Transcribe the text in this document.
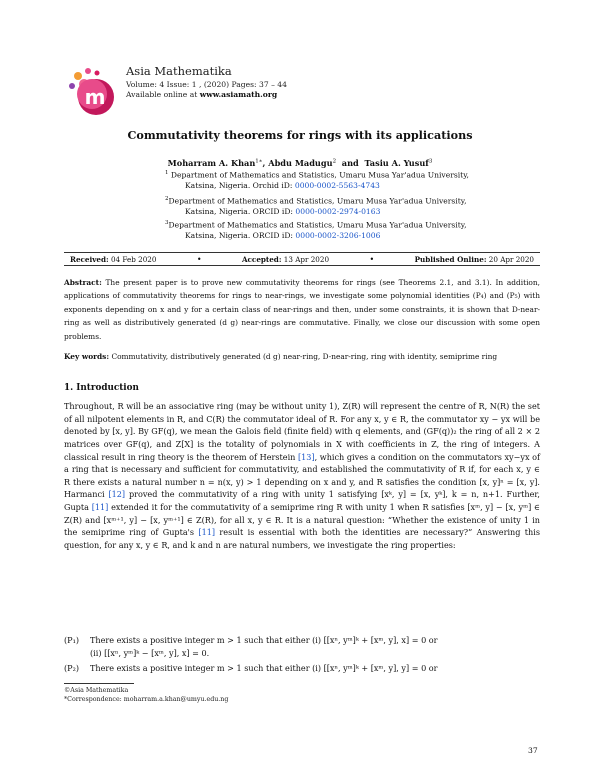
m
Asia Mathematika
Volume: 4 Issue: 1 , (2020) Pages: 37 – 44
Available online at www.asiamath.org
Commutativity theorems for rings with its applications
Moharram A. Khan$^{1∗}$, Abdu Madugu$^2$ and Tasiu A. Yusuf$^3$
$^1$ Department of Mathematics and Statistics, Umaru Musa Yar'adua University,
Katsina, Nigeria. Orchid iD: 0000-0002-5563-4743
$^2$Department of Mathematics and Statistics, Umaru Musa Yar'adua University,
Katsina, Nigeria. ORCID iD: 0000-0002-2974-0163
$^3$Department of Mathematics and Statistics, Umaru Musa Yar'adua University,
Katsina, Nigeria. ORCID iD: 0000-0002-3206-1006
Received: 04 Feb 2020	•	Accepted: 13 Apr 2020	•	Published Online: 20 Apr 2020
Abstract: The present paper is to prove new commutativity theorems for rings (see Theorems 2.1, and 3.1). In addition, applications of commutativity theorems for rings to near-rings, we investigate some polynomial identities (P₄) and (P₅) with exponents depending on x and y for a certain class of near-rings and then, under some constraints, it is shown that D-near-ring as well as distributively generated (d g) near-rings are commutative. Finally, we close our discussion with some open problems.
Key words: Commutativity, distributively generated (d g) near-ring, D-near-ring, ring with identity, semiprime ring
1. Introduction
Throughout, R will be an associative ring (may be without unity 1), Z(R) will represent the centre of R, N(R) the set of all nilpotent elements in R, and C(R) the commutator ideal of R. For any x, y ∈ R, the commutator xy − yx will be denoted by [x, y]. By GF(q), we mean the Galois field (finite field) with q elements, and (GF(q))₂ the ring of all 2 × 2 matrices over GF(q), and Z[X] is the totality of polynomials in X with coefficients in Z, the ring of integers. A classical result in ring theory is the theorem of Herstein [13], which gives a condition on the commutators xy−yx of a ring that is necessary and sufficient for commutativity, and established the commutativity of R if, for each x, y ∈ R there exists a natural number n = n(x, y) > 1 depending on x and y, and R satisfies the condition [x, y]ⁿ = [x, y]. Harmanci [12] proved the commutativity of a ring with unity 1 satisfying [xᵏ, y] = [x, yᵏ], k = n, n+1. Further, Gupta [11] extended it for the commutativity of a semiprime ring R with unity 1 when R satisfies [xᵐ, y] − [x, yᵐ] ∈ Z(R) and [xᵐ⁺¹, y] − [x, yᵐ⁺¹] ∈ Z(R), for all x, y ∈ R. It is a natural question: “Whether the existence of unity 1 in the semiprime ring of Gupta's [11] result is essential with both the identities are necessary?” Answering this question, for any x, y ∈ R, and k and n are natural numbers, we investigate the ring properties:
(P₁) There exists a positive integer m > 1 such that either (i) [[xⁿ, yᵐ]ᵏ + [xᵐ, y], x] = 0 or
(ii) [[xⁿ, yᵐ]ᵏ − [xᵐ, y], x] = 0.
(P₂) There exists a positive integer m > 1 such that either (i) [[xⁿ, yᵐ]ᵏ + [xᵐ, y], y] = 0 or
©Asia Mathematika
*Correspondence: moharram.a.khan@umyu.edu.ng
37
